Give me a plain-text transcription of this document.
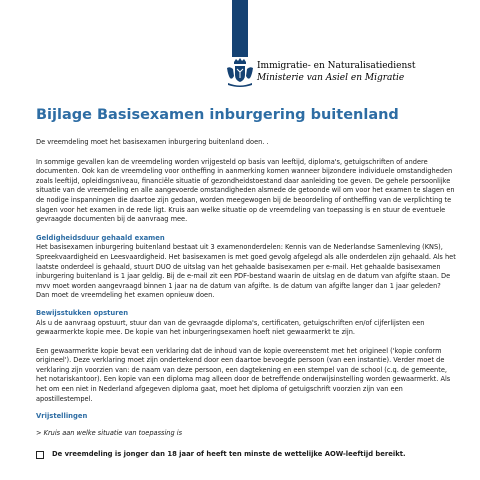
Immigratie- en Naturalisatiedienst
Ministerie van Asiel en Migratie
Bijlage Basisexamen inburgering buitenland

De vreemdeling moet het basisexamen inburgering buitenland doen. .

In sommige gevallen kan de vreemdeling worden vrijgesteld op basis van leeftijd, diploma's, getuigschriften of andere documenten. Ook kan de vreemdeling voor ontheffing in aanmerking komen wanneer bijzondere individuele omstandigheden zoals leeftijd, opleidingsniveau, financiële situatie of gezondheidstoestand daar aanleiding toe geven. De gehele persoonlijke situatie van de vreemdeling en alle aangevoerde omstandigheden alsmede de getoonde wil om voor het examen te slagen en de nodige inspanningen die daartoe zijn gedaan, worden meegewogen bij de beoordeling of ontheffing van de verplichting te slagen voor het examen in de rede ligt. Kruis aan welke situatie op de vreemdeling van toepassing is en stuur de eventuele gevraagde documenten bij de aanvraag mee.

Geldigheidsduur gehaald examen

Het basisexamen inburgering buitenland bestaat uit 3 examenonderdelen: Kennis van de Nederlandse Samenleving (KNS), Spreekvaardigheid en Leesvaardigheid. Het basisexamen is met goed gevolg afgelegd als alle onderdelen zijn gehaald. Als het laatste onderdeel is gehaald, stuurt DUO de uitslag van het gehaalde basisexamen per e-mail. Het gehaalde basisexamen inburgering buitenland is 1 jaar geldig. Bij de e-mail zit een PDF-bestand waarin de uitslag en de datum van afgifte staan. De mvv moet worden aangevraagd binnen 1 jaar na de datum van afgifte. Is de datum van afgifte langer dan 1 jaar geleden? Dan moet de vreemdeling het examen opnieuw doen.

Bewijsstukken opsturen

Als u de aanvraag opstuurt, stuur dan van de gevraagde diploma's, certificaten, getuigschriften en/of cijferlijsten een gewaarmerkte kopie mee. De kopie van het inburgeringsexamen hoeft niet gewaarmerkt te zijn.

Een gewaarmerkte kopie bevat een verklaring dat de inhoud van de kopie overeenstemt met het origineel ('kopie conform origineel'). Deze verklaring moet zijn ondertekend door een daartoe bevoegde persoon (van een instantie). Verder moet de verklaring zijn voorzien van: de naam van deze persoon, een dagtekening en een stempel van de school (c.q. de gemeente, het notariskantoor). Een kopie van een diploma mag alleen door de betreffende onderwijsinstelling worden gewaarmerkt. Als het om een niet in Nederland afgegeven diploma gaat, moet het diploma of getuigschrift voorzien zijn van een apostillestempel.

Vrijstellingen

> Kruis aan welke situatie van toepassing is

De vreemdeling is jonger dan 18 jaar of heeft ten minste de wettelijke AOW-leeftijd bereikt.
